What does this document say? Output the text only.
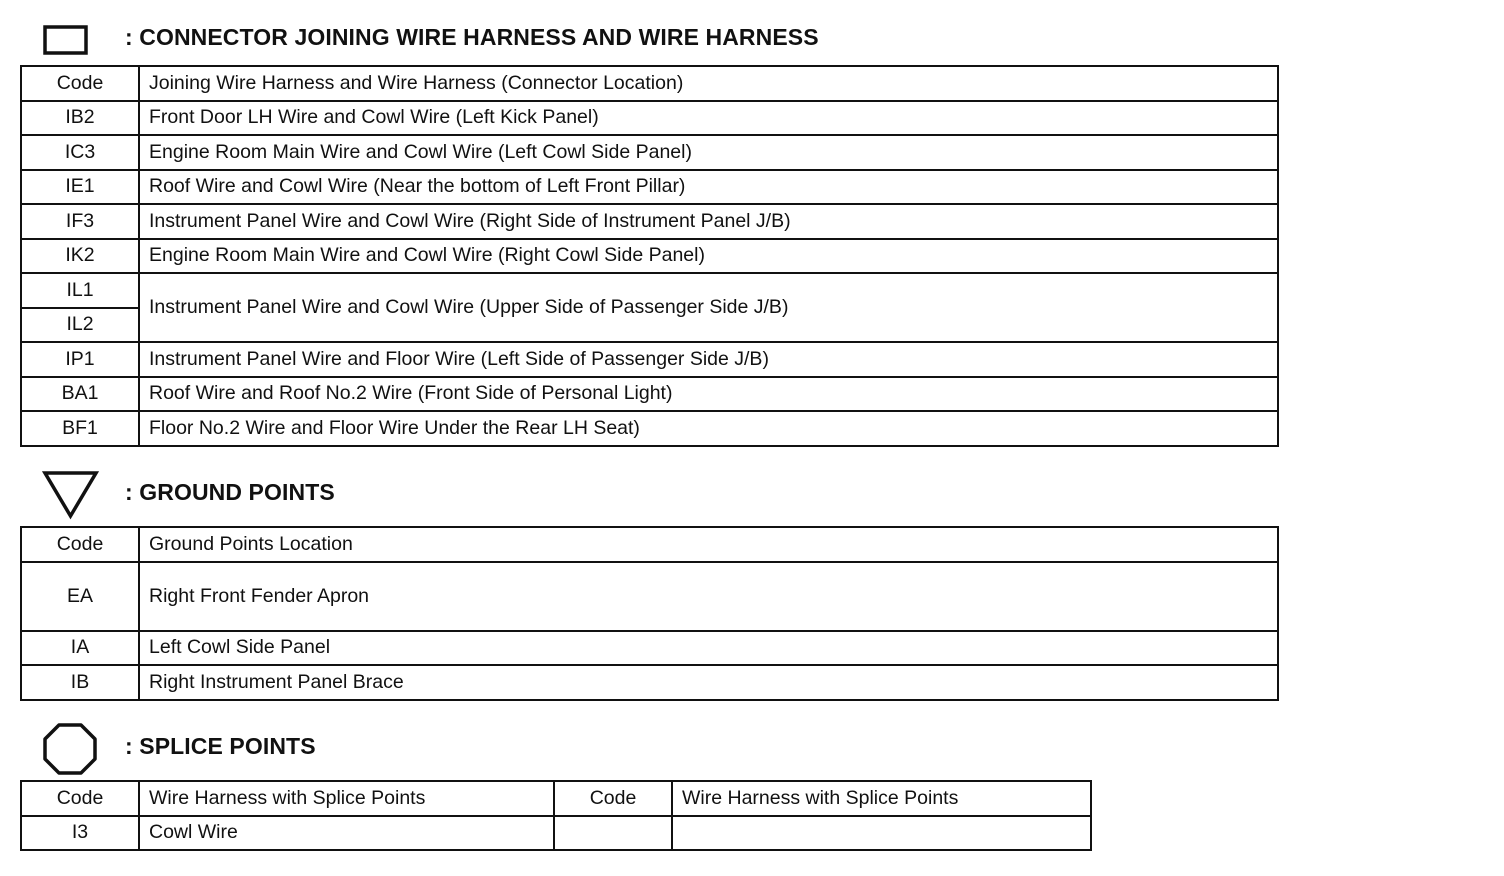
: CONNECTOR JOINING WIRE HARNESS AND WIRE HARNESS
Code	Joining Wire Harness and Wire Harness (Connector Location)
IB2	Front Door LH Wire and Cowl Wire (Left Kick Panel)
IC3	Engine Room Main Wire and Cowl Wire (Left Cowl Side Panel)
IE1	Roof Wire and Cowl Wire (Near the bottom of Left Front Pillar)
IF3	Instrument Panel Wire and Cowl Wire (Right Side of Instrument Panel J/B)
IK2	Engine Room Main Wire and Cowl Wire (Right Cowl Side Panel)
IL1	Instrument Panel Wire and Cowl Wire (Upper Side of Passenger Side J/B)
IL2	
IP1	Instrument Panel Wire and Floor Wire (Left Side of Passenger Side J/B)
BA1	Roof Wire and Roof No.2 Wire (Front Side of Personal Light)
BF1	Floor No.2 Wire and Floor Wire Under the Rear LH Seat)
: GROUND POINTS
Code	Ground Points Location
EA	Right Front Fender Apron
IA	Left Cowl Side Panel
IB	Right Instrument Panel Brace
: SPLICE POINTS
Code	Wire Harness with Splice Points	Code	Wire Harness with Splice Points
I3	Cowl Wire		
